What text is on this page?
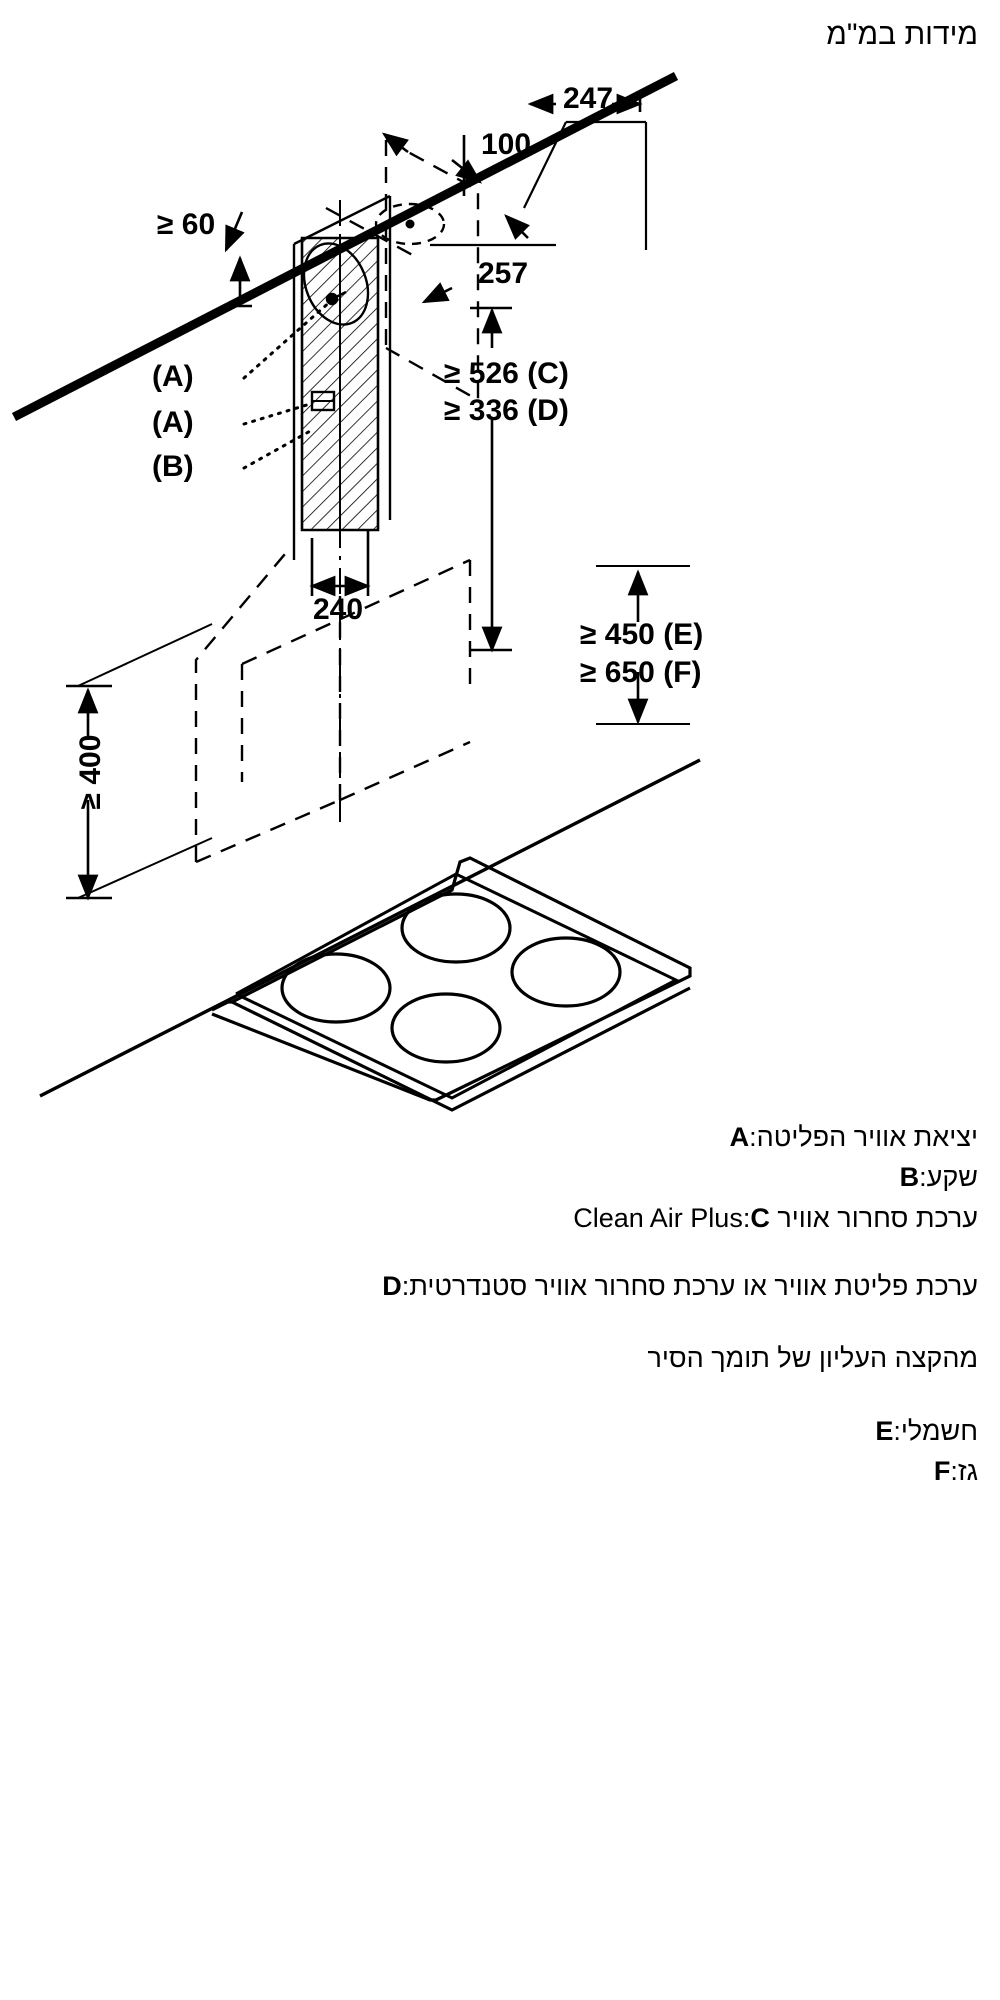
מידות במ"מ
247
100
257
≥ 60
240
≥ 526 (C)
≥ 336 (D)
≥ 450 (E)
≥ 650 (F)
≥ 400
(A)
(A)
(B)
יציאת אוויר הפליטה:A
שקע:B
ערכת סחרור אוויר Clean Air Plus:C
ערכת פליטת אוויר או ערכת סחרור אוויר סטנדרטית:D
מהקצה העליון של תומך הסיר
חשמלי:E
גז:F
